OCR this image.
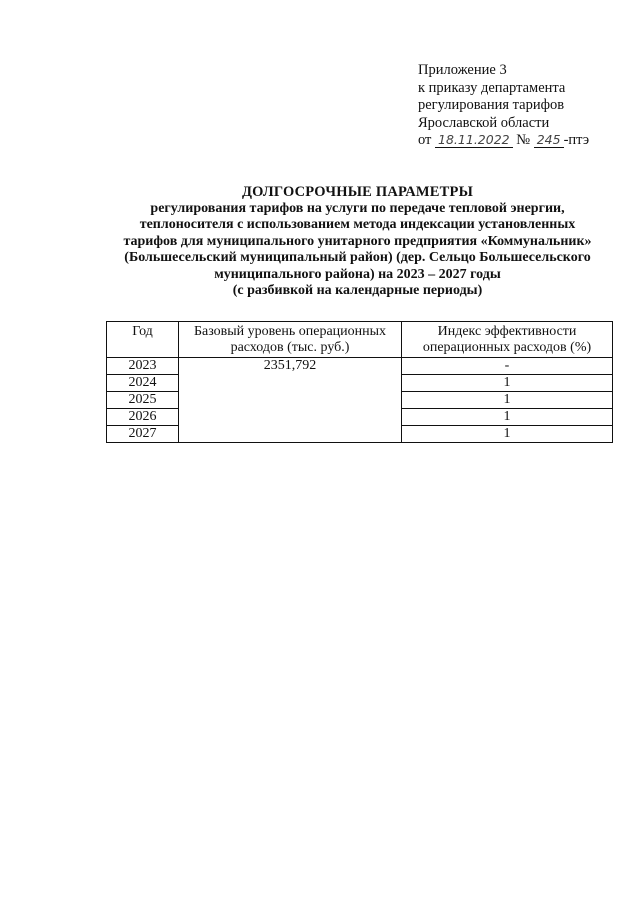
Приложение 3
к приказу департамента
регулирования тарифов
Ярославской области
от 18.11.2022 № 245 -птэ
ДОЛГОСРОЧНЫЕ ПАРАМЕТРЫ
регулирования тарифов на услуги по передаче тепловой энергии,
теплоносителя с использованием метода индексации установленных
тарифов для муниципального унитарного предприятия «Коммунальник»
(Большесельский муниципальный район) (дер. Сельцо Большесельского
муниципального района) на 2023 – 2027 годы
(с разбивкой на календарные периоды)
Год	Базовый уровень операционных расходов (тыс. руб.)	Индекс эффективности операционных расходов (%)
2023	2351,792	-
2024		1
2025		1
2026		1
2027		1
